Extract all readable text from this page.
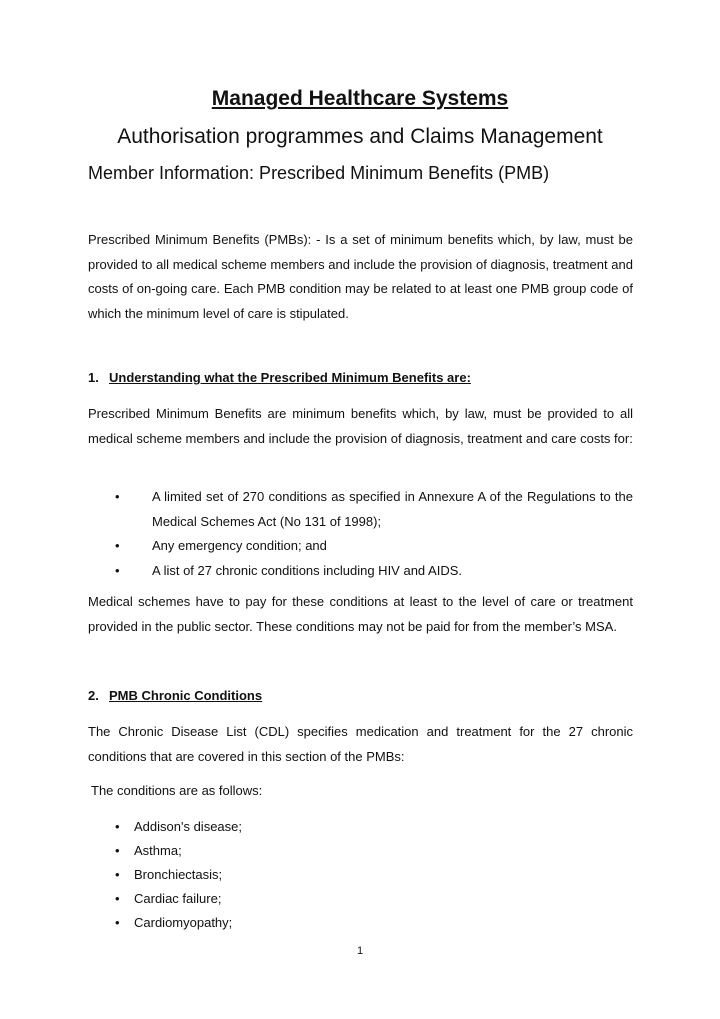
Managed Healthcare Systems
Authorisation programmes and Claims Management
Member Information: Prescribed Minimum Benefits (PMB)
Prescribed Minimum Benefits (PMBs): - Is a set of minimum benefits which, by law, must be provided to all medical scheme members and include the provision of diagnosis, treatment and costs of on-going care. Each PMB condition may be related to at least one PMB group code of which the minimum level of care is stipulated.
1. Understanding what the Prescribed Minimum Benefits are:
Prescribed Minimum Benefits are minimum benefits which, by law, must be provided to all medical scheme members and include the provision of diagnosis, treatment and care costs for:
• A limited set of 270 conditions as specified in Annexure A of the Regulations to the Medical Schemes Act (No 131 of 1998);
• Any emergency condition; and
• A list of 27 chronic conditions including HIV and AIDS.
Medical schemes have to pay for these conditions at least to the level of care or treatment provided in the public sector. These conditions may not be paid for from the member’s MSA.
2. PMB Chronic Conditions
The Chronic Disease List (CDL) specifies medication and treatment for the 27 chronic conditions that are covered in this section of the PMBs:
The conditions are as follows:
• Addison's disease;
• Asthma;
• Bronchiectasis;
• Cardiac failure;
• Cardiomyopathy;
1
